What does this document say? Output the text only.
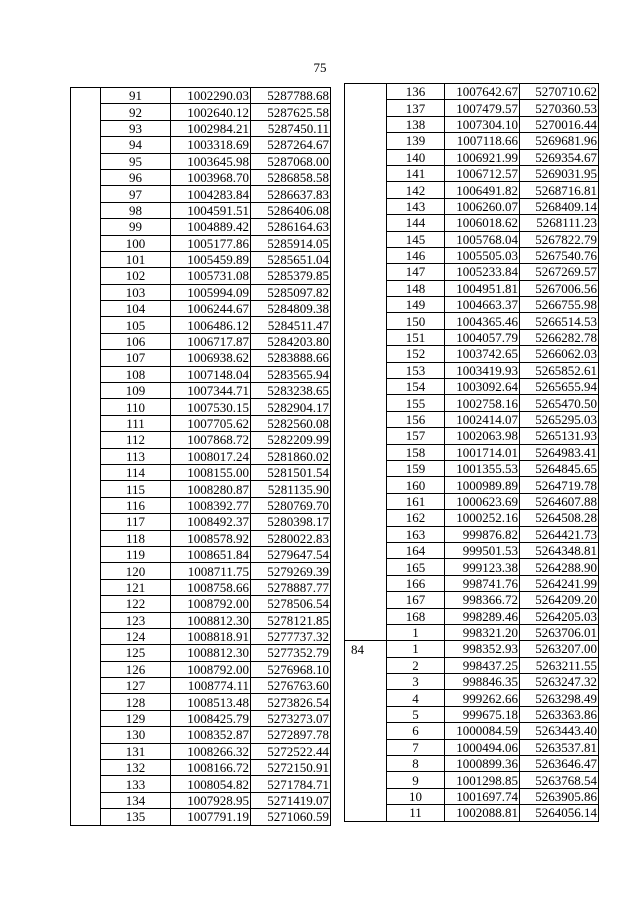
75
	91	1002290.03	5287788.68
	92	1002640.12	5287625.58
	93	1002984.21	5287450.11
	94	1003318.69	5287264.67
	95	1003645.98	5287068.00
	96	1003968.70	5286858.58
	97	1004283.84	5286637.83
	98	1004591.51	5286406.08
	99	1004889.42	5286164.63
	100	1005177.86	5285914.05
	101	1005459.89	5285651.04
	102	1005731.08	5285379.85
	103	1005994.09	5285097.82
	104	1006244.67	5284809.38
	105	1006486.12	5284511.47
	106	1006717.87	5284203.80
	107	1006938.62	5283888.66
	108	1007148.04	5283565.94
	109	1007344.71	5283238.65
	110	1007530.15	5282904.17
	111	1007705.62	5282560.08
	112	1007868.72	5282209.99
	113	1008017.24	5281860.02
	114	1008155.00	5281501.54
	115	1008280.87	5281135.90
	116	1008392.77	5280769.70
	117	1008492.37	5280398.17
	118	1008578.92	5280022.83
	119	1008651.84	5279647.54
	120	1008711.75	5279269.39
	121	1008758.66	5278887.77
	122	1008792.00	5278506.54
	123	1008812.30	5278121.85
	124	1008818.91	5277737.32
	125	1008812.30	5277352.79
	126	1008792.00	5276968.10
	127	1008774.11	5276763.60
	128	1008513.48	5273826.54
	129	1008425.79	5273273.07
	130	1008352.87	5272897.78
	131	1008266.32	5272522.44
	132	1008166.72	5272150.91
	133	1008054.82	5271784.71
	134	1007928.95	5271419.07
	135	1007791.19	5271060.59
	136	1007642.67	5270710.62
	137	1007479.57	5270360.53
	138	1007304.10	5270016.44
	139	1007118.66	5269681.96
	140	1006921.99	5269354.67
	141	1006712.57	5269031.95
	142	1006491.82	5268716.81
	143	1006260.07	5268409.14
	144	1006018.62	5268111.23
	145	1005768.04	5267822.79
	146	1005505.03	5267540.76
	147	1005233.84	5267269.57
	148	1004951.81	5267006.56
	149	1004663.37	5266755.98
	150	1004365.46	5266514.53
	151	1004057.79	5266282.78
	152	1003742.65	5266062.03
	153	1003419.93	5265852.61
	154	1003092.64	5265655.94
	155	1002758.16	5265470.50
	156	1002414.07	5265295.03
	157	1002063.98	5265131.93
	158	1001714.01	5264983.41
	159	1001355.53	5264845.65
	160	1000989.89	5264719.78
	161	1000623.69	5264607.88
	162	1000252.16	5264508.28
	163	999876.82	5264421.73
	164	999501.53	5264348.81
	165	999123.38	5264288.90
	166	998741.76	5264241.99
	167	998366.72	5264209.20
	168	998289.46	5264205.03
	1	998321.20	5263706.01
84	1	998352.93	5263207.00
	2	998437.25	5263211.55
	3	998846.35	5263247.32
	4	999262.66	5263298.49
	5	999675.18	5263363.86
	6	1000084.59	5263443.40
	7	1000494.06	5263537.81
	8	1000899.36	5263646.47
	9	1001298.85	5263768.54
	10	1001697.74	5263905.86
	11	1002088.81	5264056.14
